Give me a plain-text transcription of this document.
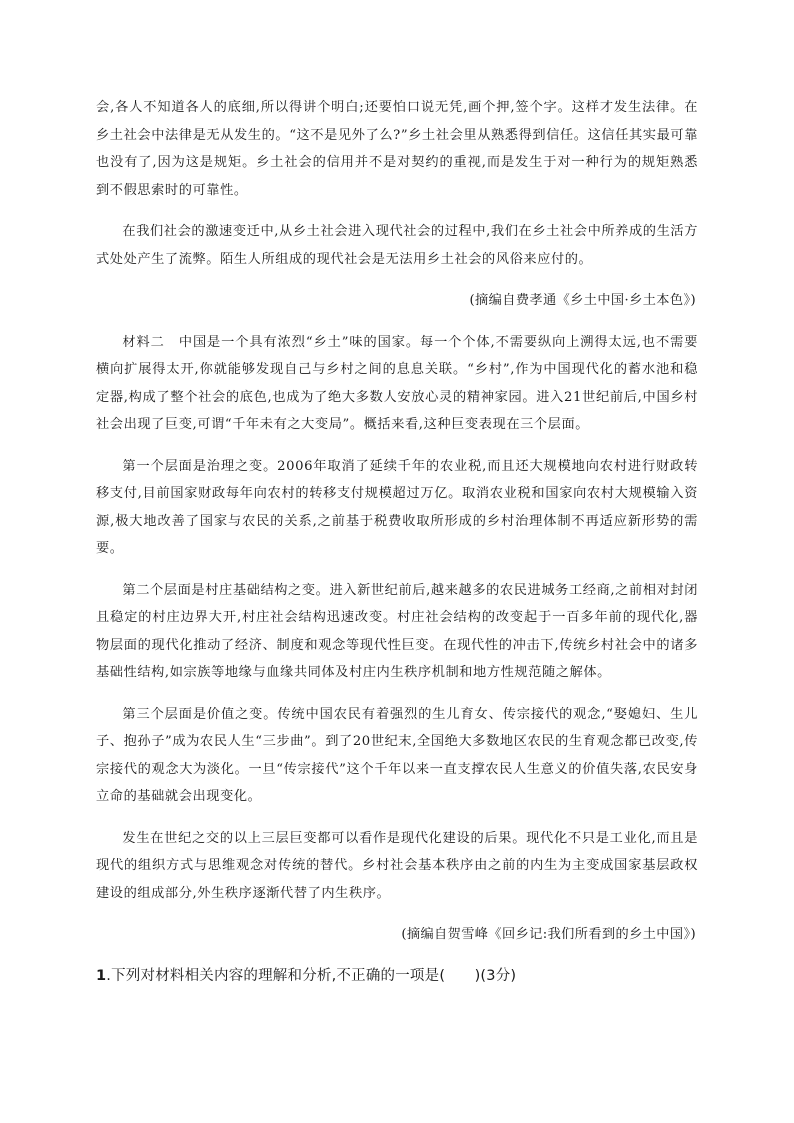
会,各人不知道各人的底细,所以得讲个明白;还要怕口说无凭,画个押,签个字。这样才发生法律。在乡土社会中法律是无从发生的。“这不是见外了么?”乡土社会里从熟悉得到信任。这信任其实最可靠也没有了,因为这是规矩。乡土社会的信用并不是对契约的重视,而是发生于对一种行为的规矩熟悉到不假思索时的可靠性。

在我们社会的激速变迁中,从乡土社会进入现代社会的过程中,我们在乡土社会中所养成的生活方式处处产生了流弊。陌生人所组成的现代社会是无法用乡土社会的风俗来应付的。

(摘编自费孝通《乡土中国·乡土本色》)

材料二　中国是一个具有浓烈“乡土”味的国家。每一个个体,不需要纵向上溯得太远,也不需要横向扩展得太开,你就能够发现自己与乡村之间的息息关联。“乡村”,作为中国现代化的蓄水池和稳定器,构成了整个社会的底色,也成为了绝大多数人安放心灵的精神家园。进入21世纪前后,中国乡村社会出现了巨变,可谓“千年未有之大变局”。概括来看,这种巨变表现在三个层面。

第一个层面是治理之变。2006年取消了延续千年的农业税,而且还大规模地向农村进行财政转移支付,目前国家财政每年向农村的转移支付规模超过万亿。取消农业税和国家向农村大规模输入资源,极大地改善了国家与农民的关系,之前基于税费收取所形成的乡村治理体制不再适应新形势的需要。

第二个层面是村庄基础结构之变。进入新世纪前后,越来越多的农民进城务工经商,之前相对封闭且稳定的村庄边界大开,村庄社会结构迅速改变。村庄社会结构的改变起于一百多年前的现代化,器物层面的现代化推动了经济、制度和观念等现代性巨变。在现代性的冲击下,传统乡村社会中的诸多基础性结构,如宗族等地缘与血缘共同体及村庄内生秩序机制和地方性规范随之解体。

第三个层面是价值之变。传统中国农民有着强烈的生儿育女、传宗接代的观念,“娶媳妇、生儿子、抱孙子”成为农民人生“三步曲”。到了20世纪末,全国绝大多数地区农民的生育观念都已改变,传宗接代的观念大为淡化。一旦“传宗接代”这个千年以来一直支撑农民人生意义的价值失落,农民安身立命的基础就会出现变化。

发生在世纪之交的以上三层巨变都可以看作是现代化建设的后果。现代化不只是工业化,而且是现代的组织方式与思维观念对传统的替代。乡村社会基本秩序由之前的内生为主变成国家基层政权建设的组成部分,外生秩序逐渐代替了内生秩序。

(摘编自贺雪峰《回乡记:我们所看到的乡土中国》)

1.下列对材料相关内容的理解和分析,不正确的一项是(　　)(3分)
